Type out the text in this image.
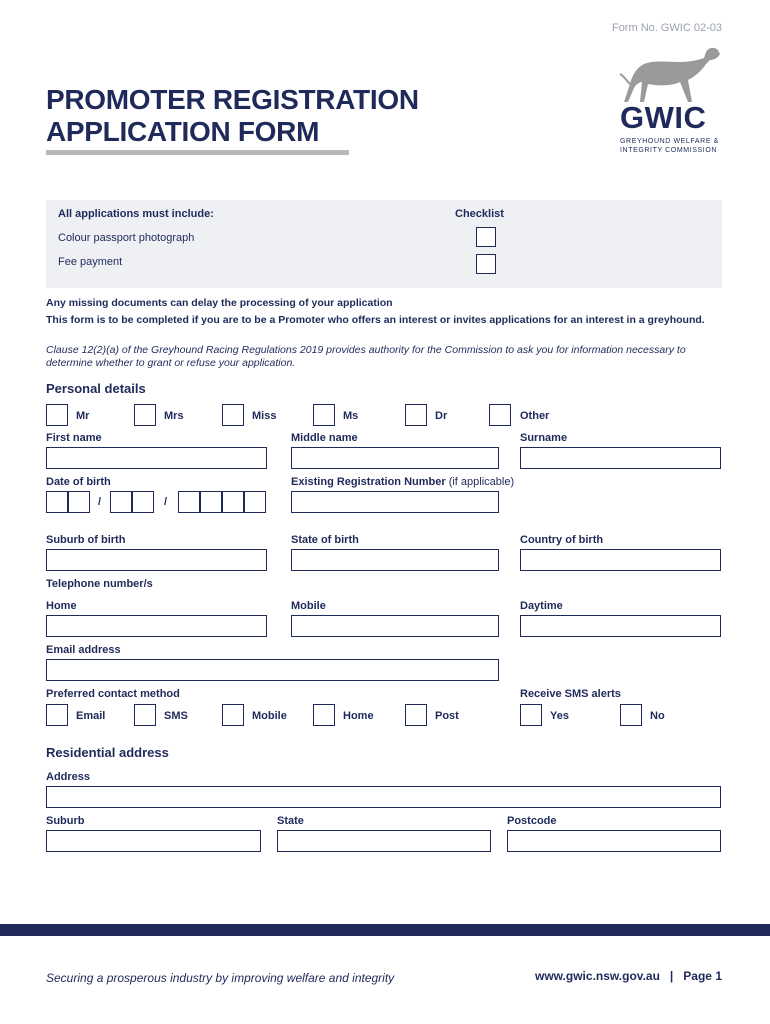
Form No. GWIC 02-03
PROMOTER REGISTRATION
APPLICATION FORM	GWIC
GREYHOUND WELFARE &
INTEGRITY COMMISSION
All applications must include:	Checklist
Colour passport photograph
Fee payment
Any missing documents can delay the processing of your application
This form is to be completed if you are to be a Promoter who offers an interest or invites applications for an interest in a greyhound.
Clause 12(2)(a) of the Greyhound Racing Regulations 2019 provides authority for the Commission to ask you for information necessary to determine whether to grant or refuse your application.
Personal details
Mr	Mrs	Miss	Ms	Dr	Other
First name	Middle name	Surname
Date of birth	Existing Registration Number (if applicable)
/	/
Suburb of birth	State of birth	Country of birth
Telephone number/s
Home	Mobile	Daytime
Email address
Preferred contact method	Receive SMS alerts
Email	SMS	Mobile	Home	Post	Yes	No
Residential address
Address
Suburb	State	Postcode
Securing a prosperous industry by improving welfare and integrity	www.gwic.nsw.gov.au | Page 1
